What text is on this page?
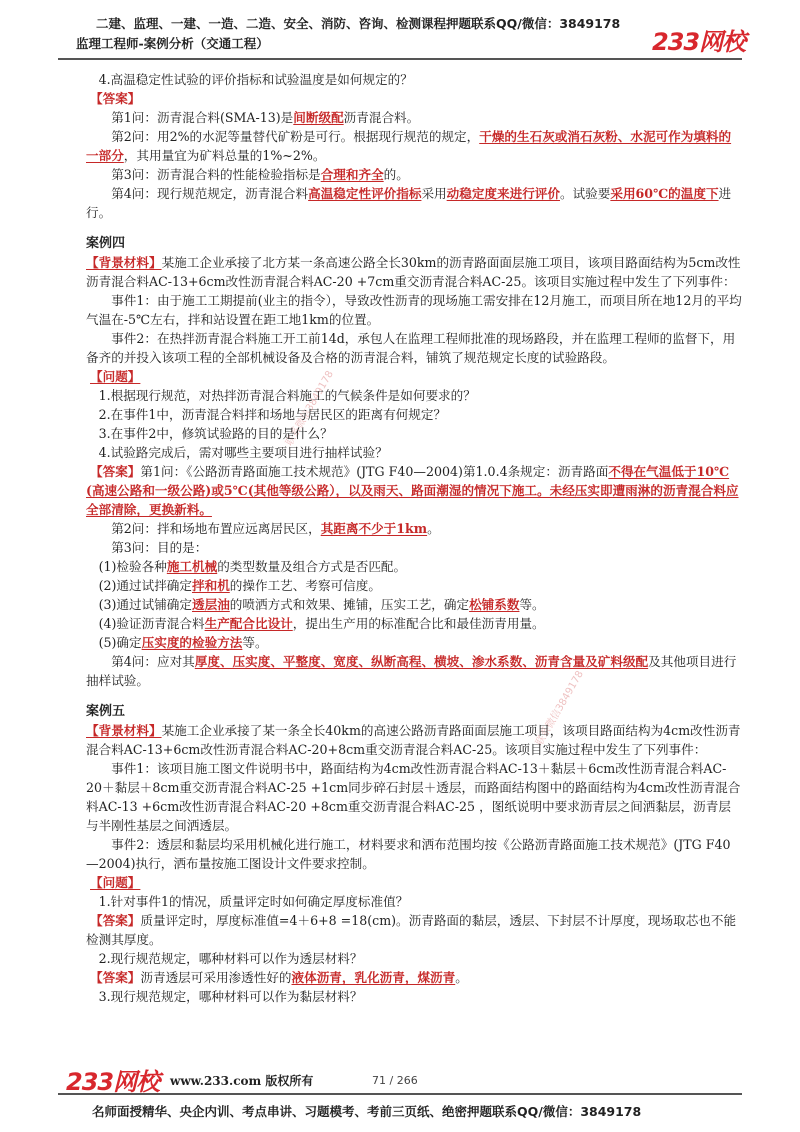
二建、监理、一建、一造、二造、安全、消防、咨询、检测课程押题联系QQ/微信：3849178
监理工程师-案例分析（交通工程）	233网校
联系微信3849178
联系微信3849178

4.高温稳定性试验的评价指标和试验温度是如何规定的？

【答案】

第1问：沥青混合料(SMA-13)是间断级配沥青混合料。

第2问：用2%的水泥等量替代矿粉是可行。根据现行规范的规定，干燥的生石灰或消石灰粉、水泥可作为填料的一部分，其用量宜为矿料总量的1%~2%。

第3问：沥青混合料的性能检验指标是合理和齐全的。

第4问：现行规范规定，沥青混合料高温稳定性评价指标采用动稳定度来进行评价。试验要采用60℃的温度下进行。

案例四

【背景材料】某施工企业承接了北方某一条高速公路全长30km的沥青路面面层施工项目，该项目路面结构为5cm改性沥青混合料AC-13+6cm改性沥青混合料AC-20 +7cm重交沥青混合料AC-25。该项目实施过程中发生了下列事件：

事件1：由于施工工期提前(业主的指令），导致改性沥青的现场施工需安排在12月施工，而项目所在地12月的平均气温在-5℃左右，拌和站设置在距工地1km的位置。

事件2：在热拌沥青混合料施工开工前14d，承包人在监理工程师批准的现场路段，并在监理工程师的监督下，用备齐的并投入该项工程的全部机械设备及合格的沥青混合料，铺筑了规范规定长度的试验路段。

【问题】

1.根据现行规范，对热拌沥青混合料施工的气候条件是如何要求的？

2.在事件1中，沥青混合料拌和场地与居民区的距离有何规定？

3.在事件2中，修筑试验路的目的是什么？

4.试验路完成后，需对哪些主要项目进行抽样试验？

【答案】第1问：《公路沥青路面施工技术规范》(JTG F40—2004)第1.0.4条规定：沥青路面不得在气温低于10℃(高速公路和一级公路)或5℃(其他等级公路），以及雨天、路面潮湿的情况下施工。未经压实即遭雨淋的沥青混合料应全部清除，更换新料。

第2问：拌和场地布置应远离居民区，其距离不少于1km。

第3问：目的是：

(1)检验各种施工机械的类型数量及组合方式是否匹配。

(2)通过试拌确定拌和机的操作工艺、考察可信度。

(3)通过试铺确定透层油的喷洒方式和效果、摊铺，压实工艺，确定松铺系数等。

(4)验证沥青混合料生产配合比设计，提出生产用的标准配合比和最佳沥青用量。

(5)确定压实度的检验方法等。

第4问：应对其厚度、压实度、平整度、宽度、纵断高程、横坡、渗水系数、沥青含量及矿料级配及其他项目进行抽样试验。

案例五

【背景材料】某施工企业承接了某一条全长40km的高速公路沥青路面面层施工项目，该项目路面结构为4cm改性沥青混合料AC-13+6cm改性沥青混合料AC-20+8cm重交沥青混合料AC-25。该项目实施过程中发生了下列事件：

事件1：该项目施工图文件说明书中，路面结构为4cm改性沥青混合料AC-13＋黏层＋6cm改性沥青混合料AC-20＋黏层＋8cm重交沥青混合料AC-25 +1cm同步碎石封层＋透层，而路面结构图中的路面结构为4cm改性沥青混合料AC-13 +6cm改性沥青混合料AC-20 +8cm重交沥青混合料AC-25 ，图纸说明中要求沥青层之间洒黏层，沥青层与半刚性基层之间洒透层。

事件2：透层和黏层均采用机械化进行施工，材料要求和洒布范围均按《公路沥青路面施工技术规范》(JTG F40—2004)执行，洒布量按施工图设计文件要求控制。

【问题】

1.针对事件1的情况，质量评定时如何确定厚度标准值？

【答案】质量评定时，厚度标准值=4＋6+8 =18(cm)。沥青路面的黏层，透层、下封层不计厚度，现场取芯也不能检测其厚度。

2.现行规范规定，哪种材料可以作为透层材料？

【答案】沥青透层可采用渗透性好的液体沥青，乳化沥青，煤沥青。

3.现行规范规定，哪种材料可以作为黏层材料？

233网校 www.233.com 版权所有	71 / 266
名师面授精华、央企内训、考点串讲、习题模考、考前三页纸、绝密押题联系QQ/微信：3849178
